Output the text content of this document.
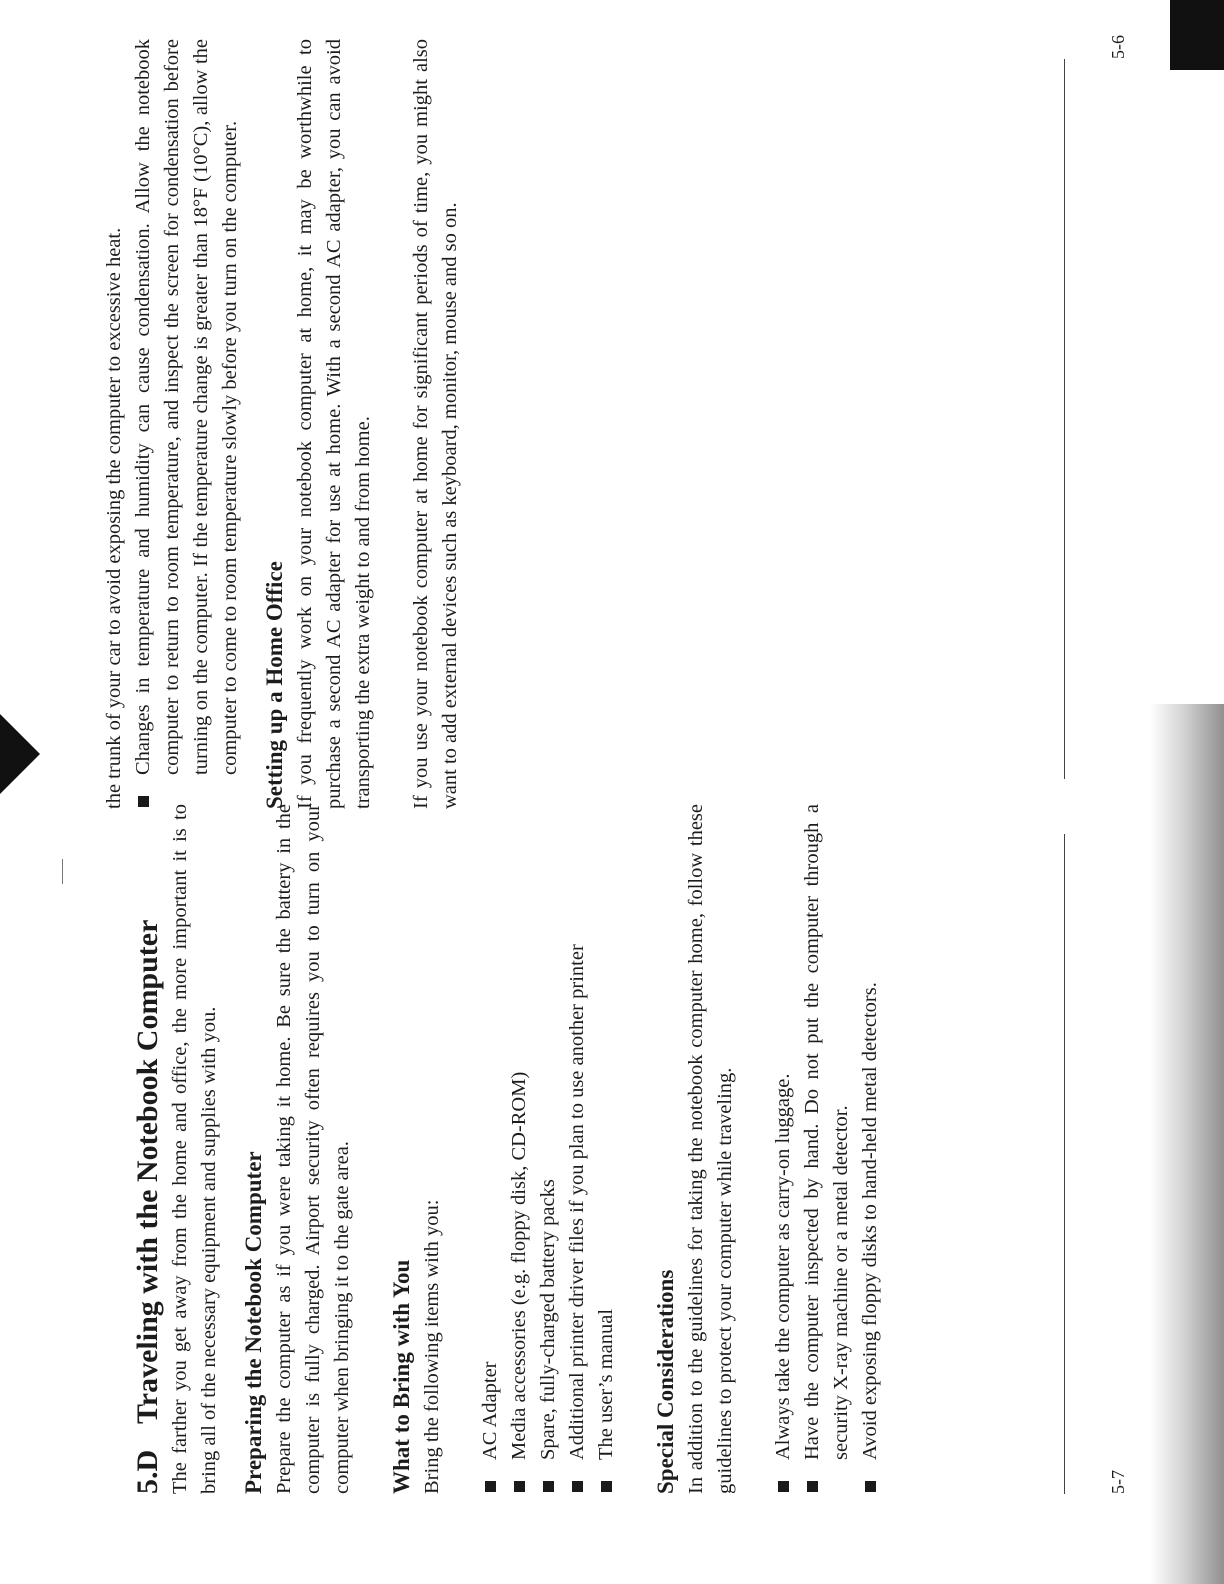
the trunk of your car to avoid exposing the computer to excessive heat. Changes in temperature and humidity can cause condensation. Allow the notebook computer to return to room temperature, and inspect the screen for condensation before turning on the computer. If the temperature change is greater than 18°F (10°C), allow the computer to come to room temperature slowly before you turn on the computer. Setting up a Home Office If you frequently work on your notebook computer at home, it may be worthwhile to purchase a second AC adapter for use at home. With a second AC adapter, you can avoid transporting the extra weight to and from home. If you use your notebook computer at home for significant periods of time, you might also want to add external devices such as keyboard, monitor, mouse and so on.

5.D
Traveling with the Notebook Computer The farther you get away from the home and office, the more important it is to bring all of the necessary equipment and supplies with you. Preparing the Notebook Computer Prepare the computer as if you were taking it home. Be sure the battery in the computer is fully charged. Airport security often requires you to turn on your computer when bringing it to the gate area. What to Bring with You Bring the following items with you: AC Adapter Media accessories (e.g. floppy disk, CD-ROM) Spare, fully-charged battery packs Additional printer driver files if you plan to use another printer The user’s manual Special Considerations In addition to the guidelines for taking the notebook computer home, follow these guidelines to protect your computer while traveling. Always take the computer as carry-on luggage. Have the computer inspected by hand. Do not put the computer through a security X-ray machine or a metal detector. Avoid exposing floppy disks to hand-held metal detectors.
5-6
5-7
